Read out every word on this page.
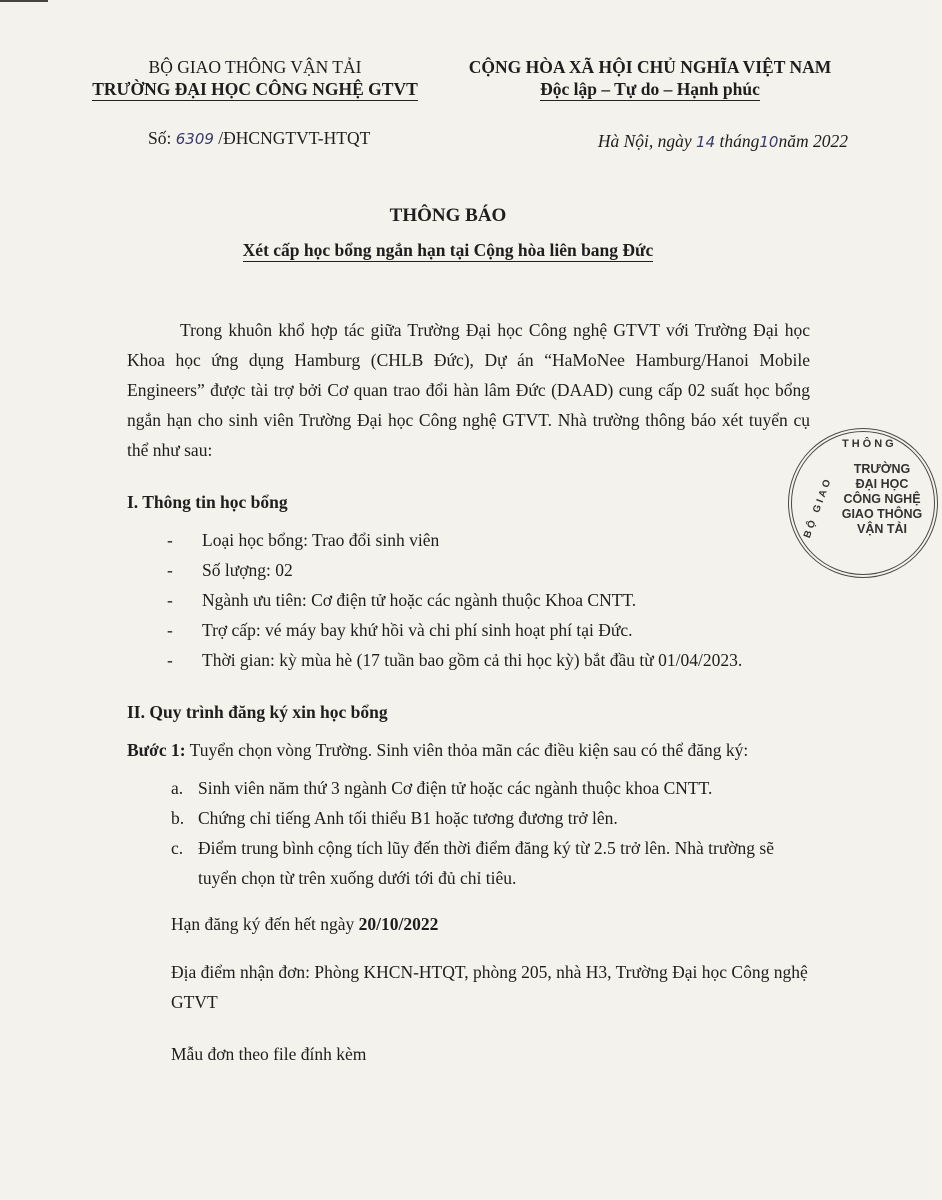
BỘ GIAO THÔNG VẬN TẢI
TRƯỜNG ĐẠI HỌC CÔNG NGHỆ GTVT
CỘNG HÒA XÃ HỘI CHỦ NGHĨA VIỆT NAM
Độc lập – Tự do – Hạnh phúc
Số: 6309 /ĐHCNGTVT-HTQT	Hà Nội, ngày 14 tháng10năm 2022
THÔNG BÁO
Xét cấp học bổng ngắn hạn tại Cộng hòa liên bang Đức

Trong khuôn khổ hợp tác giữa Trường Đại học Công nghệ GTVT với Trường Đại học Khoa học ứng dụng Hamburg (CHLB Đức), Dự án “HaMoNee Hamburg/Hanoi Mobile Engineers” được tài trợ bởi Cơ quan trao đổi hàn lâm Đức (DAAD) cung cấp 02 suất học bổng ngắn hạn cho sinh viên Trường Đại học Công nghệ GTVT. Nhà trường thông báo xét tuyển cụ thể như sau:

I. Thông tin học bổng
- Loại học bổng: Trao đổi sinh viên
- Số lượng: 02
- Ngành ưu tiên: Cơ điện tử hoặc các ngành thuộc Khoa CNTT.
- Trợ cấp: vé máy bay khứ hồi và chi phí sinh hoạt phí tại Đức.
- Thời gian: kỳ mùa hè (17 tuần bao gồm cả thi học kỳ) bắt đầu từ 01/04/2023.
II. Quy trình đăng ký xin học bổng

Bước 1: Tuyển chọn vòng Trường. Sinh viên thỏa mãn các điều kiện sau có thể đăng ký:

a. Sinh viên năm thứ 3 ngành Cơ điện tử hoặc các ngành thuộc khoa CNTT.
b. Chứng chỉ tiếng Anh tối thiểu B1 hoặc tương đương trở lên.
c. Điểm trung bình cộng tích lũy đến thời điểm đăng ký từ 2.5 trở lên. Nhà trường sẽ tuyển chọn từ trên xuống dưới tới đủ chỉ tiêu.

Hạn đăng ký đến hết ngày 20/10/2022

Địa điểm nhận đơn: Phòng KHCN-HTQT, phòng 205, nhà H3, Trường Đại học Công nghệ GTVT

Mẫu đơn theo file đính kèm

THÔNG
BỘ GIAO
TRƯỜNG
ĐẠI HỌC
CÔNG NGHỆ
GIAO THÔNG
VẬN TẢI
